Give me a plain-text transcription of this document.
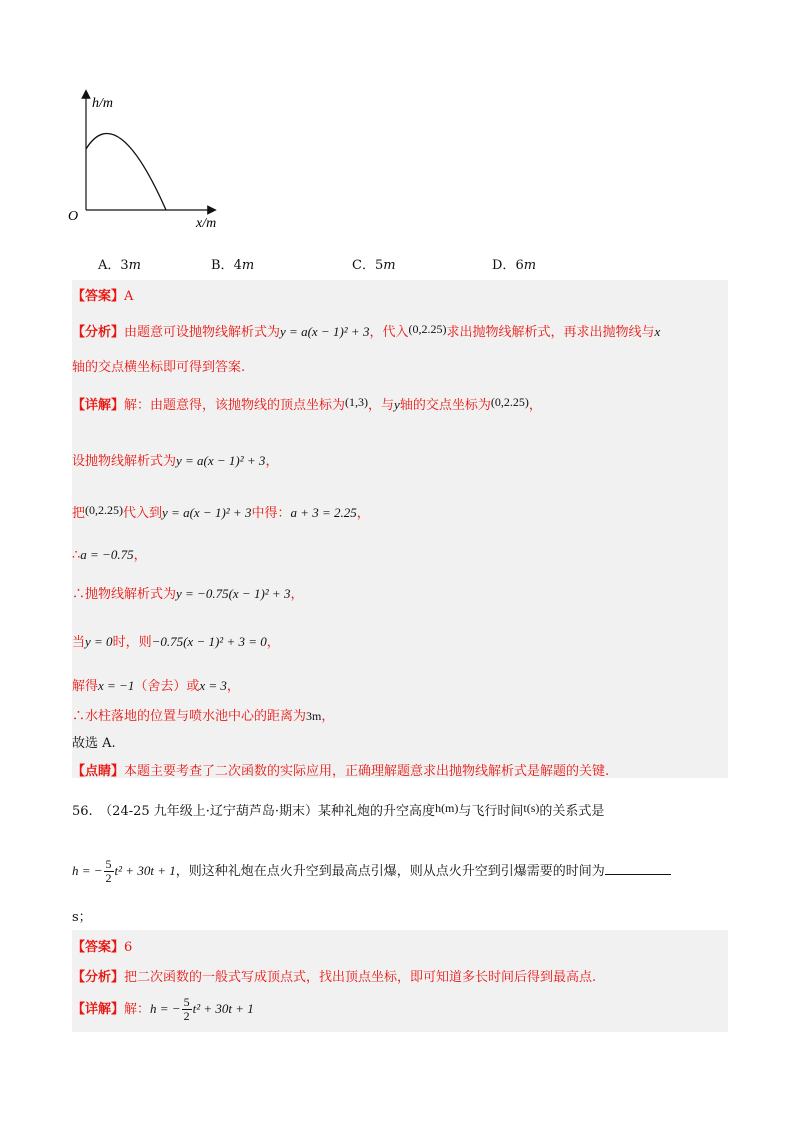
h/m
O	x/m
A．3m	B．4m	C．5m	D．6m
【答案】A
【分析】由题意可设抛物线解析式为y = a(x − 1)² + 3，代入(0,2.25)求出抛物线解析式，再求出抛物线与x
轴的交点横坐标即可得到答案.
【详解】解：由题意得，该抛物线的顶点坐标为(1,3)，与y轴的交点坐标为(0,2.25)，
设抛物线解析式为y = a(x − 1)² + 3，
把(0,2.25)代入到y = a(x − 1)² + 3中得：a + 3 = 2.25，
∴a = −0.75，
∴抛物线解析式为y = −0.75(x − 1)² + 3，
当y = 0时，则−0.75(x − 1)² + 3 = 0，
解得x = −1（舍去）或x = 3，
∴水柱落地的位置与喷水池中心的距离为3m，
故选 A.
【点睛】本题主要考查了二次函数的实际应用，正确理解题意求出抛物线解析式是解题的关键.
56.　（24-25 九年级上·辽宁葫芦岛·期末）某种礼炮的升空高度h(m)与飞行时间t(s)的关系式是
h = − $\frac{5}{2} t^2 + 30t + 1$，则这种礼炮在点火升空到最高点引爆，则从点火升空到引爆需要的时间为
s；
【答案】6
【分析】把二次函数的一般式写成顶点式，找出顶点坐标，即可知道多长时间后得到最高点.
【详解】解：h = − $\frac{5}{2} t^2 + 30t + 1$
